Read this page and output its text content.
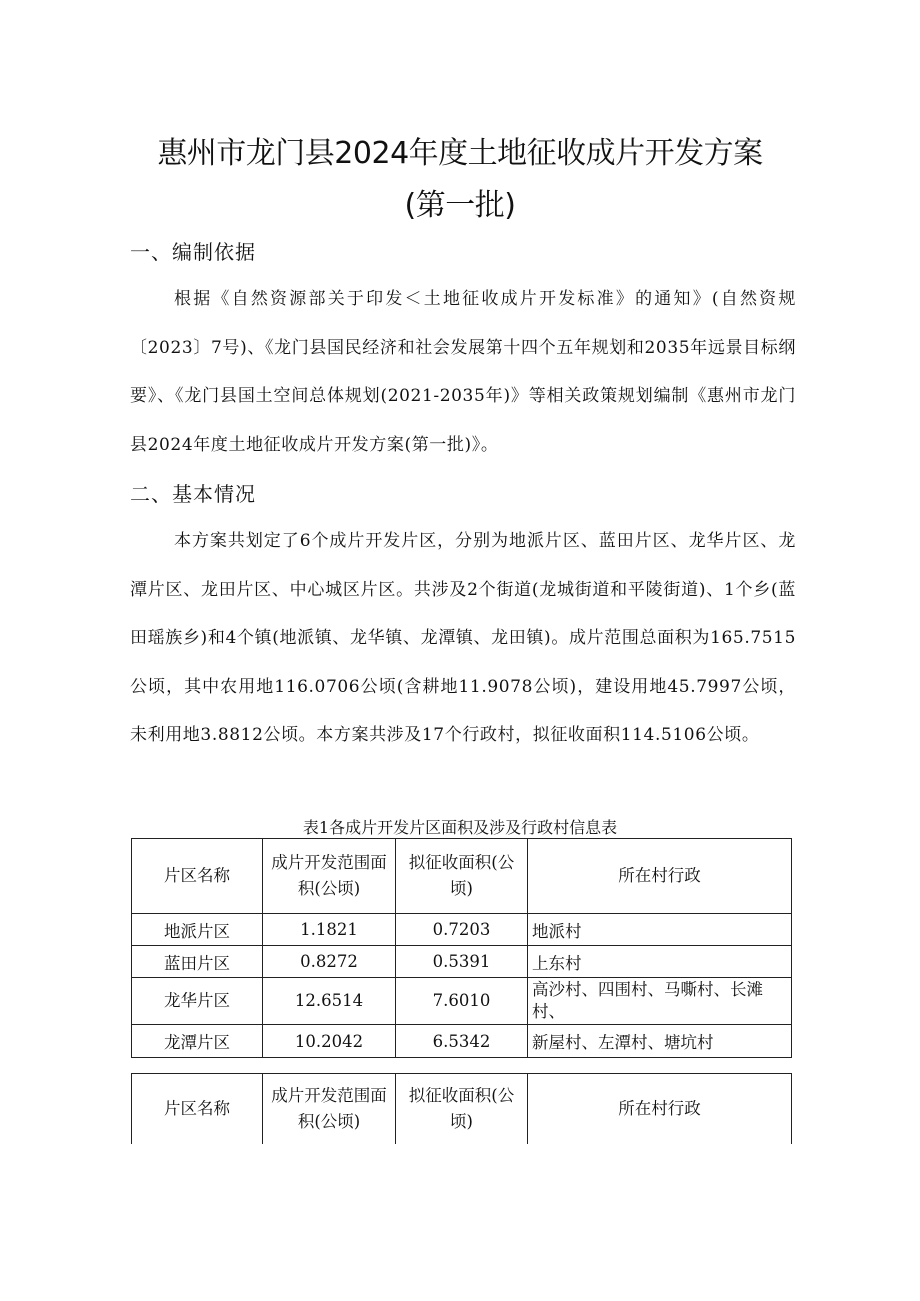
惠州市龙门县2024年度土地征收成片开发方案
(第一批)
一、编制依据
根据《自然资源部关于印发＜土地征收成片开发标准》的通知》(自然资规〔2023〕7号)、《龙门县国民经济和社会发展第十四个五年规划和2035年远景目标纲要》、《龙门县国土空间总体规划(2021-2035年)》等相关政策规划编制《惠州市龙门县2024年度土地征收成片开发方案(第一批)》。
二、基本情况
本方案共划定了6个成片开发片区，分别为地派片区、蓝田片区、龙华片区、龙潭片区、龙田片区、中心城区片区。共涉及2个街道(龙城街道和平陵街道)、1个乡(蓝田瑶族乡)和4个镇(地派镇、龙华镇、龙潭镇、龙田镇)。成片范围总面积为165.7515公顷，其中农用地116.0706公顷(含耕地11.9078公顷)，建设用地45.7997公顷，未利用地3.8812公顷。本方案共涉及17个行政村，拟征收面积114.5106公顷。
表1各成片开发片区面积及涉及行政村信息表
片区名称	成片开发范围面积(公顷)	拟征收面积(公顷)	所在村行政
地派片区	1.1821	0.7203	地派村
蓝田片区	0.8272	0.5391	上东村
龙华片区	12.6514	7.6010	高沙村、四围村、马嘶村、长滩村、
龙潭片区	10.2042	6.5342	新屋村、左潭村、塘坑村
片区名称	成片开发范围面积(公顷)	拟征收面积(公顷)	所在村行政
